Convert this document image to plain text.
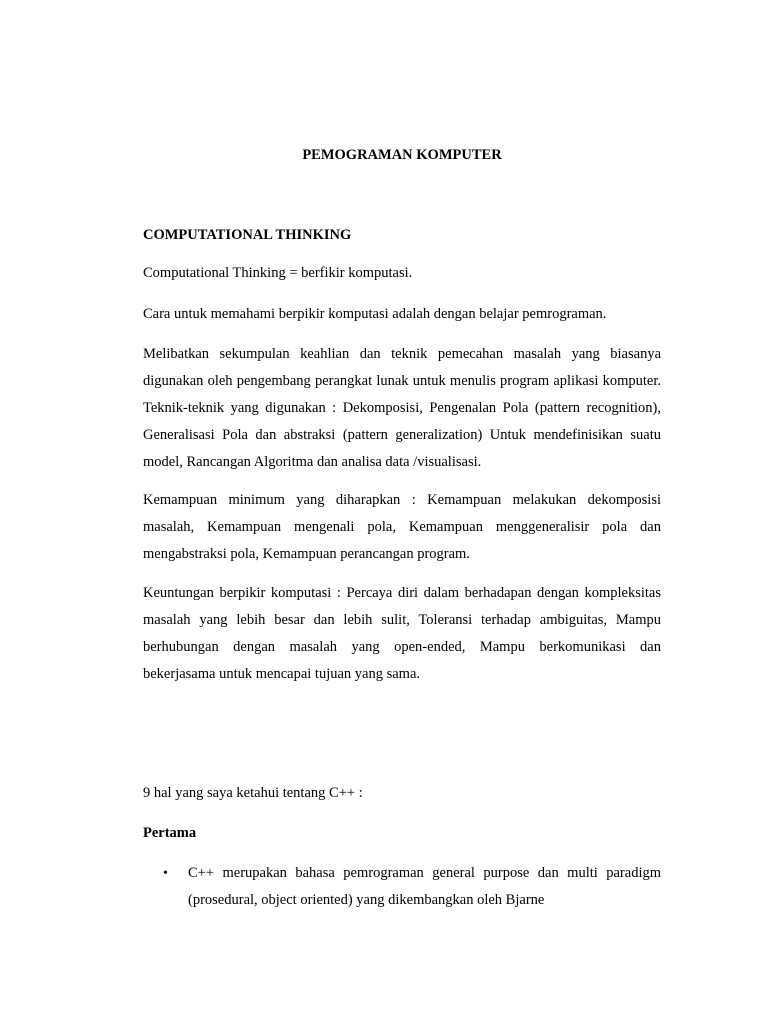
PEMOGRAMAN KOMPUTER
COMPUTATIONAL THINKING

Computational Thinking = berfikir komputasi.

Cara untuk memahami berpikir komputasi adalah dengan belajar pemrograman.

Melibatkan sekumpulan keahlian dan teknik pemecahan masalah yang biasanya digunakan oleh pengembang perangkat lunak untuk menulis program aplikasi komputer. Teknik-teknik yang digunakan : Dekomposisi, Pengenalan Pola (pattern recognition), Generalisasi Pola dan abstraksi (pattern generalization) Untuk mendefinisikan suatu model, Rancangan Algoritma dan analisa data /visualisasi.

Kemampuan minimum yang diharapkan : Kemampuan melakukan dekomposisi masalah, Kemampuan mengenali pola, Kemampuan menggeneralisir pola dan mengabstraksi pola, Kemampuan perancangan program.

Keuntungan berpikir komputasi : Percaya diri dalam berhadapan dengan kompleksitas masalah yang lebih besar dan lebih sulit, Toleransi terhadap ambiguitas, Mampu berhubungan dengan masalah yang open-ended, Mampu berkomunikasi dan bekerjasama untuk mencapai tujuan yang sama.

9 hal yang saya ketahui tentang C++ :

Pertama
• C++ merupakan bahasa pemrograman general purpose dan multi paradigm (prosedural, object oriented) yang dikembangkan oleh Bjarne
